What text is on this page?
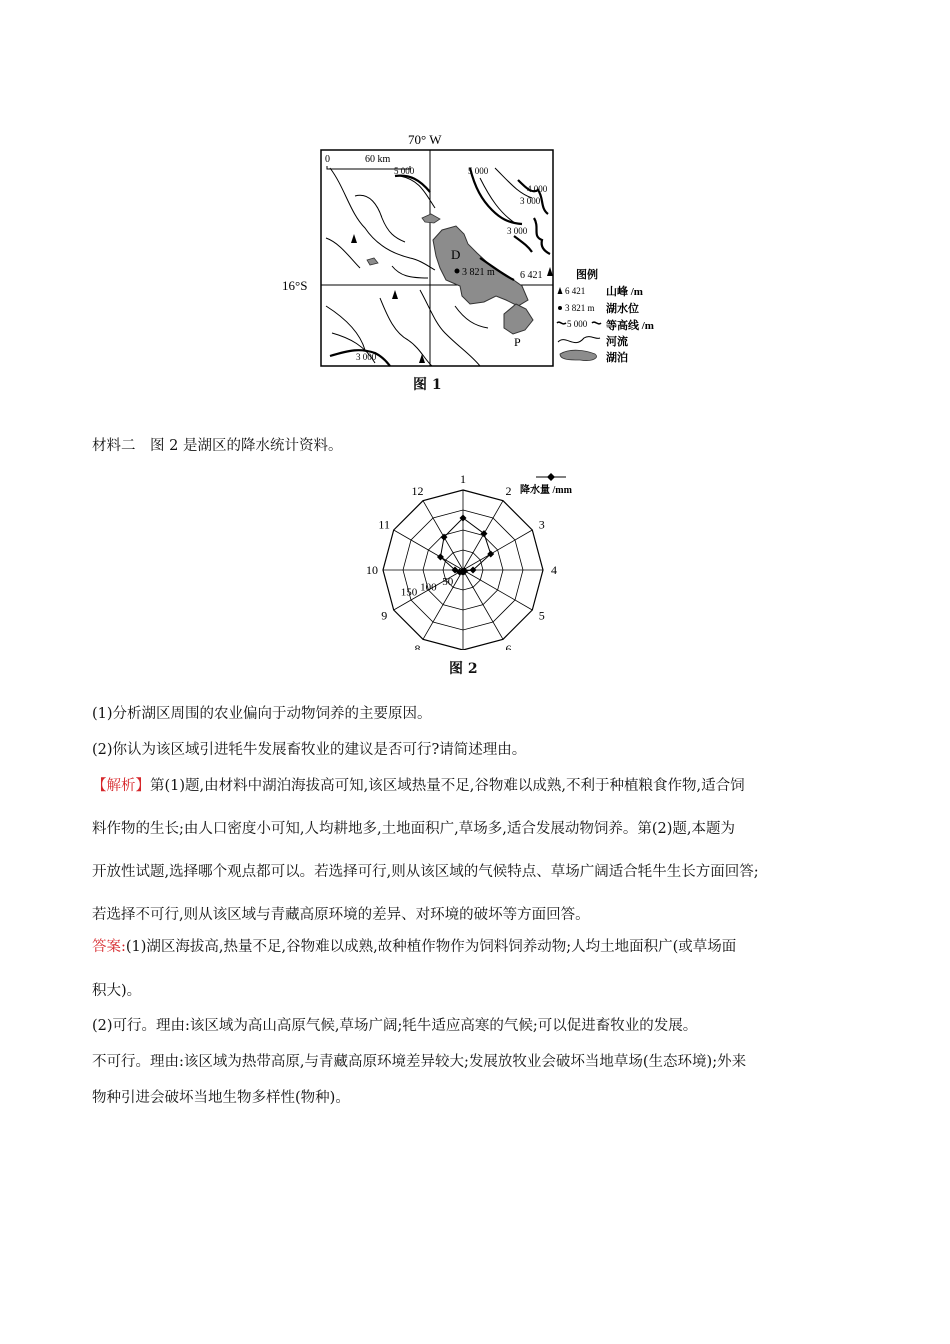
70° W
16°S
0	60 km
D
3 821 m
5 000	5 000
4 000
3 000
3 000
3 000
6 421
P
图例
6 421 山峰 /m
3 821 m 湖水位
5 000 等高线 /m
河流
湖泊
图 1
材料二　图 2 是湖区的降水统计资料。
1
2
3
4
5
6
8
9
10
11
12
50
100
150
降水量 /mm
图 2
(1)分析湖区周围的农业偏向于动物饲养的主要原因。
(2)你认为该区域引进牦牛发展畜牧业的建议是否可行?请简述理由。
【解析】第(1)题,由材料中湖泊海拔高可知,该区域热量不足,谷物难以成熟,不利于种植粮食作物,适合饲
料作物的生长;由人口密度小可知,人均耕地多,土地面积广,草场多,适合发展动物饲养。第(2)题,本题为
开放性试题,选择哪个观点都可以。若选择可行,则从该区域的气候特点、草场广阔适合牦牛生长方面回答;
若选择不可行,则从该区域与青藏高原环境的差异、对环境的破坏等方面回答。
答案:(1)湖区海拔高,热量不足,谷物难以成熟,故种植作物作为饲料饲养动物;人均土地面积广(或草场面
积大)。
(2)可行。理由:该区域为高山高原气候,草场广阔;牦牛适应高寒的气候;可以促进畜牧业的发展。
不可行。理由:该区域为热带高原,与青藏高原环境差异较大;发展放牧业会破坏当地草场(生态环境);外来
物种引进会破坏当地生物多样性(物种)。
